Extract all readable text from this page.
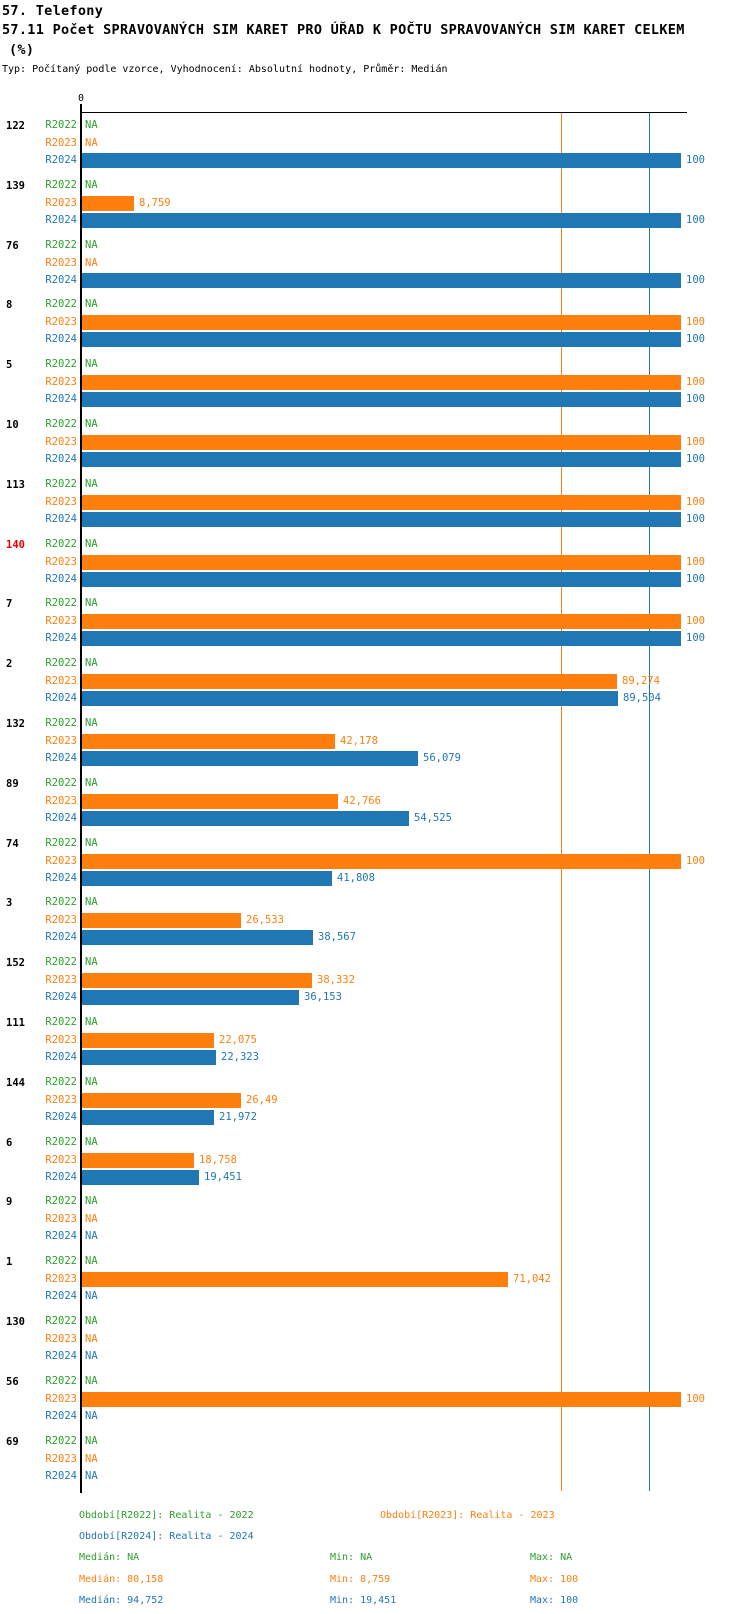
57. Telefony
57.11 Počet SPRAVOVANÝCH SIM KARET PRO ÚŘAD K POČTU SPRAVOVANÝCH SIM KARET CELKEM
(%)
Typ: Počítaný podle vzorce, Vyhodnocení: Absolutní hodnoty, Průměr: Medián
0
122	R2022 NA
R2023 NA
R2024	100
139	R2022 NA
R2023	8,759
R2024	100
76	R2022 NA
R2023 NA
R2024	100
8	R2022 NA
R2023	100
R2024	100
5	R2022 NA
R2023	100
R2024	100
10	R2022 NA
R2023	100
R2024	100
113	R2022 NA
R2023	100
R2024	100
140	R2022 NA
R2023	100
R2024	100
7	R2022 NA
R2023	100
R2024	100
2	R2022 NA
R2023	89,274
R2024	89,504
132	R2022 NA
R2023	42,178
R2024	56,079
89	R2022 NA
R2023	42,766
R2024	54,525
74	R2022 NA
R2023	100
R2024	41,808
3	R2022 NA
R2023	26,533
R2024	38,567
152	R2022 NA
R2023	38,332
R2024	36,153
111	R2022 NA
R2023	22,075
R2024	22,323
144	R2022 NA
R2023	26,49
R2024	21,972
6	R2022 NA
R2023	18,758
R2024	19,451
9	R2022 NA
R2023 NA
R2024 NA
1	R2022 NA
R2023	71,042
R2024 NA
130	R2022 NA
R2023 NA
R2024 NA
56	R2022 NA
R2023	100
R2024 NA
69	R2022 NA
R2023 NA
R2024 NA
Období[R2022]: Realita - 2022	Období[R2023]: Realita - 2023
Období[R2024]: Realita - 2024
Medián: NA	Min: NA	Max: NA
Medián: 80,158	Min: 8,759	Max: 100
Medián: 94,752	Min: 19,451	Max: 100
